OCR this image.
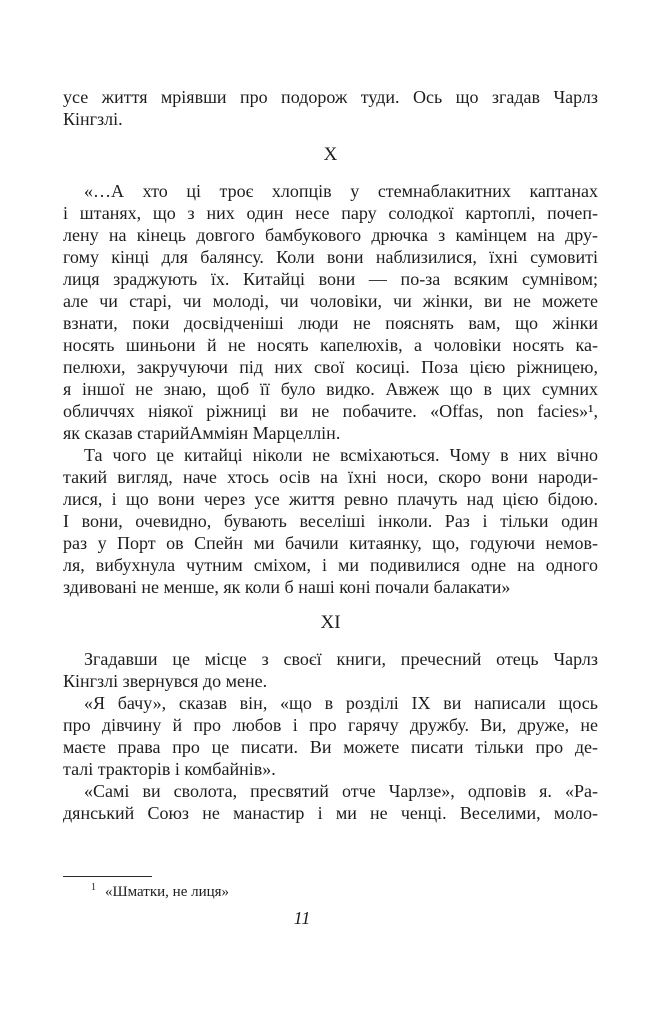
усе життя мріявши про подорож туди. Ось що згадав Чарлз
Кінгзлі.
X
«…А хто ці троє хлопців у стемнаблакитних каптанах
і штанях, що з них один несе пару солодкої картоплі, почеп-
лену на кінець довгого бамбукового дрючка з камінцем на дру-
гому кінці для балянсу. Коли вони наблизилися, їхні сумовиті
лиця зраджують їх. Китайці вони — по-за всяким сумнівом;
але чи старі, чи молоді, чи чоловіки, чи жінки, ви не можете
взнати, поки досвідченіші люди не пояснять вам, що жінки
носять шиньони й не носять капелюхів, а чоловіки носять ка-
пелюхи, закручуючи під них свої косиці. Поза цією ріжницею,
я іншої не знаю, щоб її було видко. Авжеж що в цих сумних
обличчях ніякої ріжниці ви не побачите. «Offas, non facies»¹,
як сказав старийАмміян Марцеллін.
Та чого це китайці ніколи не всміхаються. Чому в них вічно
такий вигляд, наче хтось осів на їхні носи, скоро вони народи-
лися, і що вони через усе життя ревно плачуть над цією бідою.
І вони, очевидно, бувають веселіші інколи. Раз і тільки один
раз у Порт ов Спейн ми бачили китаянку, що, годуючи немов-
ля, вибухнула чутним сміхом, і ми подивилися одне на одного
здивовані не менше, як коли б наші коні почали балакати»
XI
Згадавши це місце з своєї книги, пречесний отець Чарлз
Кінгзлі звернувся до мене.
«Я бачу», сказав він, «що в розділі IX ви написали щось
про дівчину й про любов і про гарячу дружбу. Ви, друже, не
маєте права про це писати. Ви можете писати тільки про де-
талі тракторів і комбайнів».
«Самі ви сволота, пресвятий отче Чарлзе», одповів я. «Ра-
дянський Союз не манастир і ми не ченці. Веселими, моло-
$^1$ «Шматки, не лиця»
11
